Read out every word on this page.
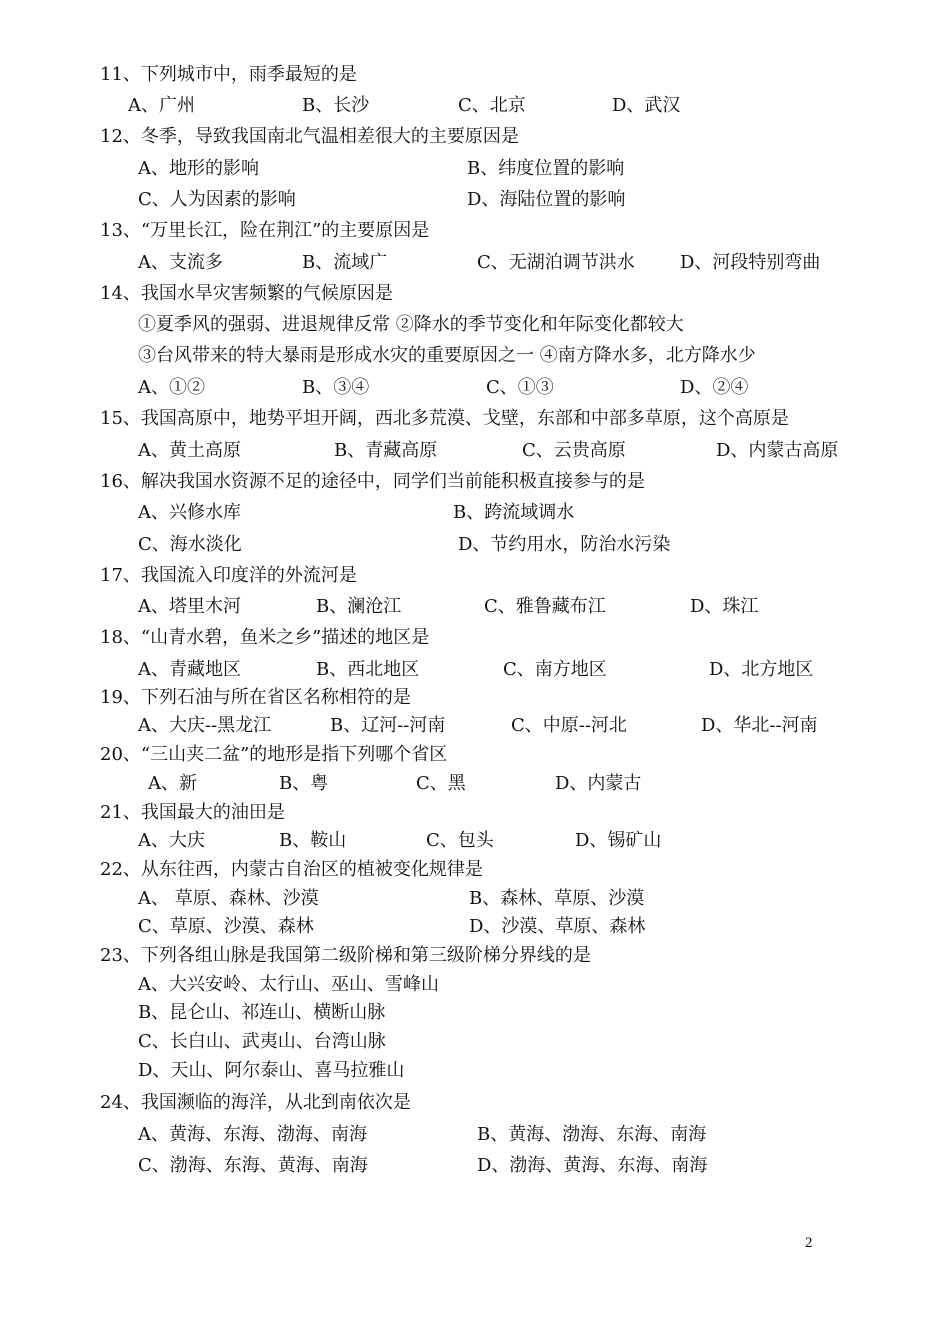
11、下列城市中，雨季最短的是
A、广州	B、长沙	C、北京	D、武汉
12、冬季，导致我国南北气温相差很大的主要原因是
A、地形的影响	B、纬度位置的影响
C、人为因素的影响	D、海陆位置的影响
13、“万里长江，险在荆江”的主要原因是
A、支流多	B、流域广	C、无湖泊调节洪水	D、河段特别弯曲
14、我国水旱灾害频繁的气候原因是
①夏季风的强弱、进退规律反常 ②降水的季节变化和年际变化都较大
③台风带来的特大暴雨是形成水灾的重要原因之一 ④南方降水多，北方降水少
A、①②	B、③④	C、①③	D、②④
15、我国高原中，地势平坦开阔，西北多荒漠、戈壁，东部和中部多草原，这个高原是
A、黄土高原	B、青藏高原	C、云贵高原	D、内蒙古高原
16、解决我国水资源不足的途径中，同学们当前能积极直接参与的是
A、兴修水库	B、跨流域调水
C、海水淡化	D、节约用水，防治水污染
17、我国流入印度洋的外流河是
A、塔里木河	B、澜沧江	C、雅鲁藏布江	D、珠江
18、“山青水碧，鱼米之乡”描述的地区是
A、青藏地区	B、西北地区	C、南方地区	D、北方地区
19、下列石油与所在省区名称相符的是
A、大庆--黑龙江	B、辽河--河南	C、中原--河北	D、华北--河南
20、“三山夹二盆”的地形是指下列哪个省区
A、新	B、粤	C、黑	D、内蒙古
21、我国最大的油田是
A、大庆	B、鞍山	C、包头	D、锡矿山
22、从东往西，内蒙古自治区的植被变化规律是
A、 草原、森林、沙漠	B、森林、草原、沙漠
C、草原、沙漠、森林	D、沙漠、草原、森林
23、下列各组山脉是我国第二级阶梯和第三级阶梯分界线的是
A、大兴安岭、太行山、巫山、雪峰山
B、昆仑山、祁连山、横断山脉
C、长白山、武夷山、台湾山脉
D、天山、阿尔泰山、喜马拉雅山
24、我国濒临的海洋，从北到南依次是
A、黄海、东海、渤海、南海	B、黄海、渤海、东海、南海
C、渤海、东海、黄海、南海	D、渤海、黄海、东海、南海
2
